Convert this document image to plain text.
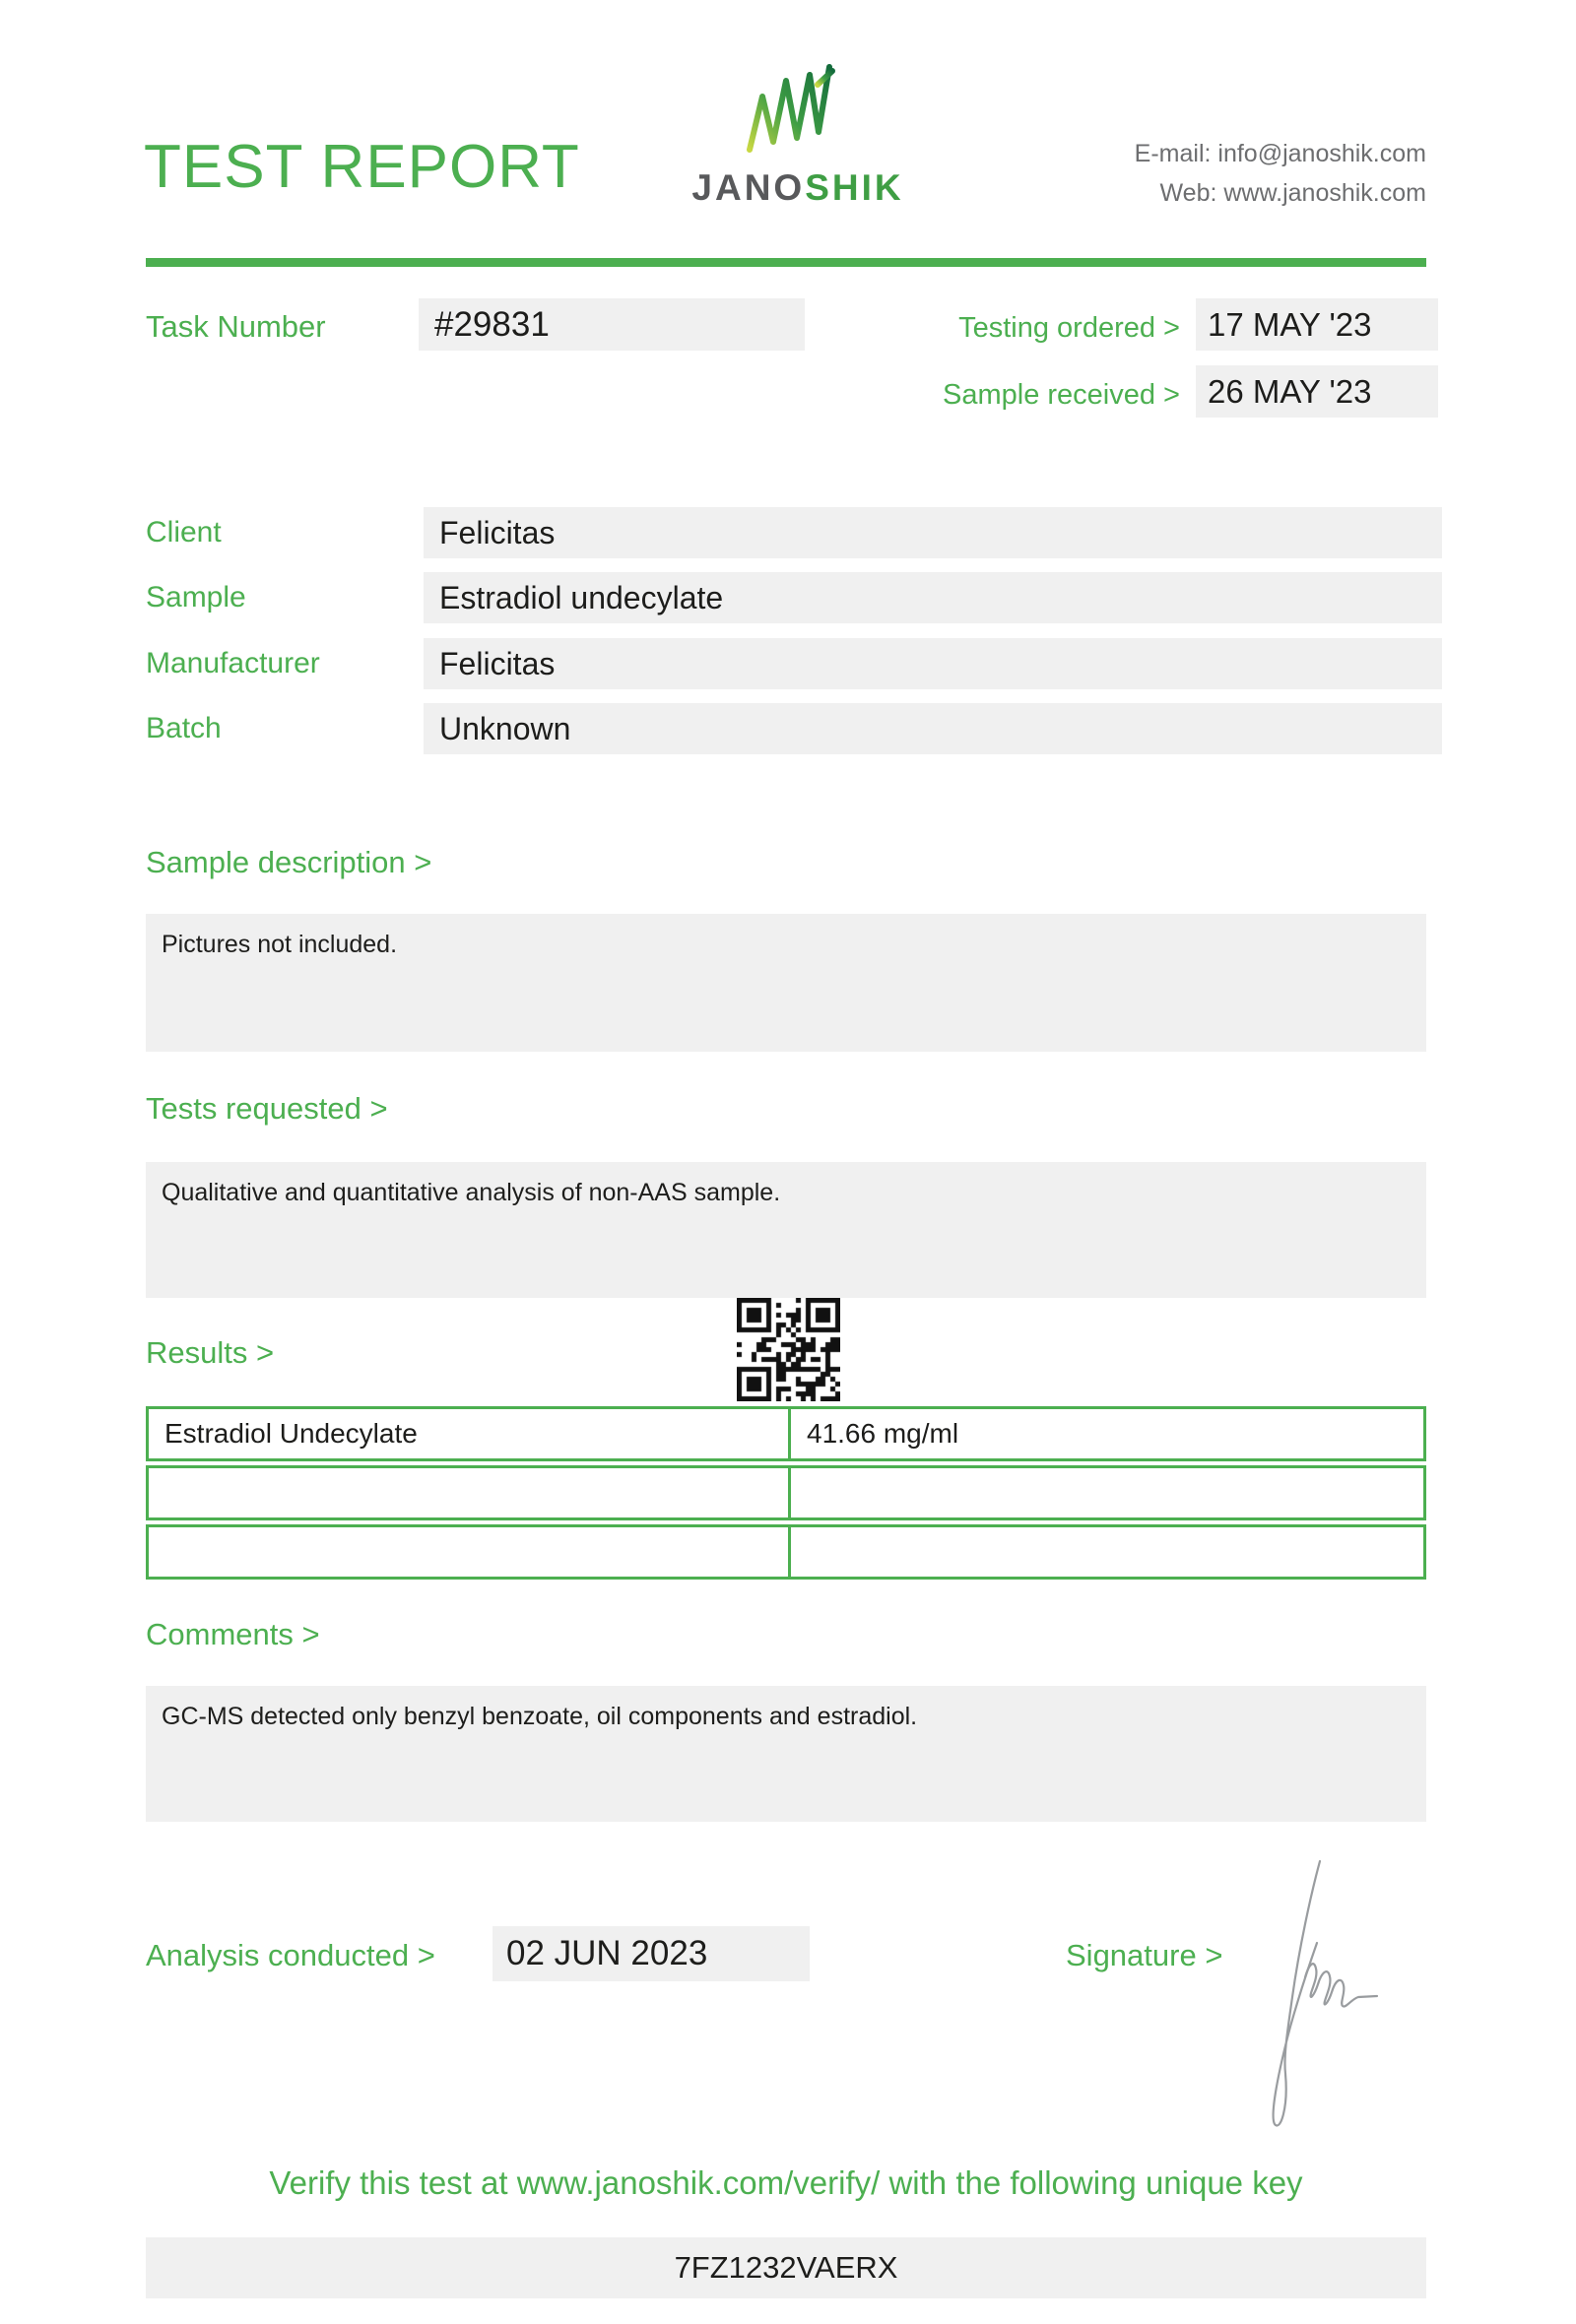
TEST REPORT	JANOSHIK
E-mail: info@janoshik.com
Web: www.janoshik.com
Task Number	#29831	Testing ordered > 17 MAY '23
Sample received > 26 MAY '23
Client	Felicitas
Sample	Estradiol undecylate
Manufacturer	Felicitas
Batch	Unknown
Sample description >
Pictures not included.
Tests requested >
Qualitative and quantitative analysis of non-AAS sample.
Results >
Estradiol Undecylate	41.66 mg/ml
Comments >
GC-MS detected only benzyl benzoate, oil components and estradiol.
Analysis conducted >	02 JUN 2023	Signature >
Verify this test at www.janoshik.com/verify/ with the following unique key
7FZ1232VAERX
